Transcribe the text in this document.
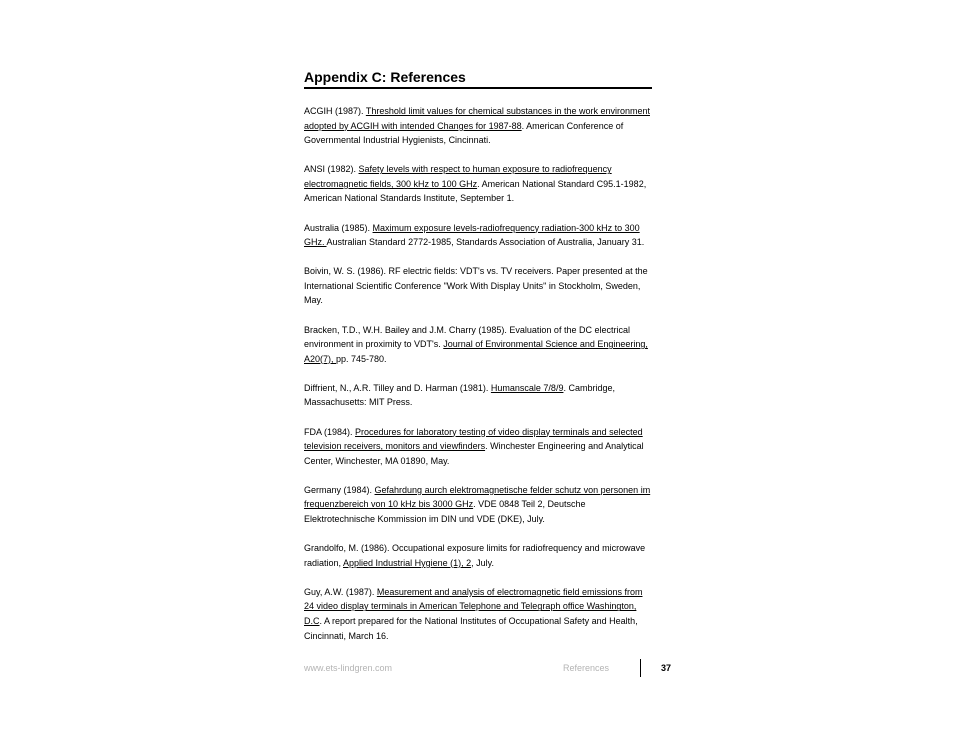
Appendix C: References

ACGIH (1987). Threshold limit values for chemical substances in the work environment adopted by ACGIH with intended Changes for 1987-88. American Conference of Governmental Industrial Hygienists, Cincinnati.

ANSI (1982). Safety levels with respect to human exposure to radiofrequency electromagnetic fields, 300 kHz to 100 GHz. American National Standard C95.1-1982, American National Standards Institute, September 1.

Australia (1985). Maximum exposure levels-radiofrequency radiation-300 kHz to 300 GHz. Australian Standard 2772-1985, Standards Association of Australia, January 31.

Boivin, W. S. (1986). RF electric fields: VDT's vs. TV receivers. Paper presented at the International Scientific Conference "Work With Display Units" in Stockholm, Sweden, May.

Bracken, T.D., W.H. Bailey and J.M. Charry (1985). Evaluation of the DC electrical environment in proximity to VDT's. Journal of Environmental Science and Engineering, A20(7), pp. 745-780.

Diffrient, N., A.R. Tilley and D. Harman (1981). Humanscale 7/8/9. Cambridge, Massachusetts: MIT Press.

FDA (1984). Procedures for laboratory testing of video display terminals and selected television receivers, monitors and viewfinders. Winchester Engineering and Analytical Center, Winchester, MA 01890, May.

Germany (1984). Gefahrdung aurch elektromagnetische felder schutz von personen im frequenzbereich von 10 kHz bis 3000 GHz. VDE 0848 Teil 2, Deutsche Elektrotechnische Kommission im DIN und VDE (DKE), July.

Grandolfo, M. (1986). Occupational exposure limits for radiofrequency and microwave radiation, Applied Industrial Hygiene (1), 2, July.

Guy, A.W. (1987). Measurement and analysis of electromagnetic field emissions from 24 video display terminals in American Telephone and Telegraph office Washington, D.C. A report prepared for the National Institutes of Occupational Safety and Health, Cincinnati, March 16.

www.ets-lindgren.com	References	37
